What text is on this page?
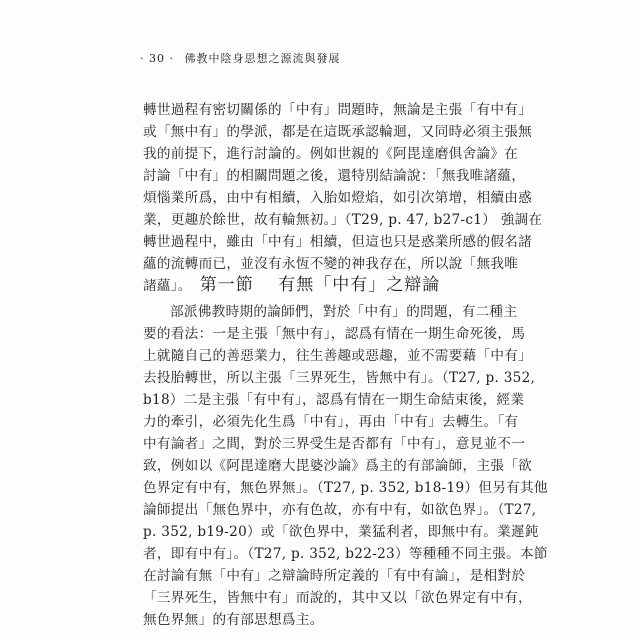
· 30 · 佛教中陰身思想之源流與發展
轉世過程有密切關係的「中有」問題時，無論是主張「有中有」
或「無中有」的學派，都是在這既承認輪迴，又同時必須主張無
我的前提下，進行討論的。例如世親的《阿毘達磨俱舍論》在
討論「中有」的相關問題之後，還特別結論說：「無我唯諸蘊，
煩惱業所爲，由中有相續，入胎如燈焰，如引次第增，相續由惑
業，更趣於餘世，故有輪無初。」（T29, p. 47, b27-c1） 強調在
轉世過程中，雖由「中有」相續，但這也只是惑業所感的假名諸
蘊的流轉而已，並沒有永恆不變的神我存在，所以說「無我唯
諸蘊」。 第一節 有無「中有」之辯論
部派佛教時期的論師們，對於「中有」的問題，有二種主
要的看法：一是主張「無中有」，認爲有情在一期生命死後，馬
上就隨自己的善惡業力，往生善趣或惡趣，並不需要藉「中有」
去投胎轉世，所以主張「三界死生，皆無中有」。（T27, p. 352,
b18）二是主張「有中有」，認爲有情在一期生命結束後，經業
力的牽引，必須先化生爲「中有」，再由「中有」去轉生。「有
中有論者」之間，對於三界受生是否都有「中有」，意見並不一
致，例如以《阿毘達磨大毘婆沙論》爲主的有部論師，主張「欲
色界定有中有，無色界無」。（T27, p. 352, b18-19）但另有其他
論師提出「無色界中，亦有色故，亦有中有，如欲色界」。（T27,
p. 352, b19-20）或「欲色界中，業猛利者，即無中有。業遲鈍
者，即有中有」。（T27, p. 352, b22-23）等種種不同主張。本節
在討論有無「中有」之辯論時所定義的「有中有論」，是相對於
「三界死生，皆無中有」而說的，其中又以「欲色界定有中有，
無色界無」的有部思想爲主。
